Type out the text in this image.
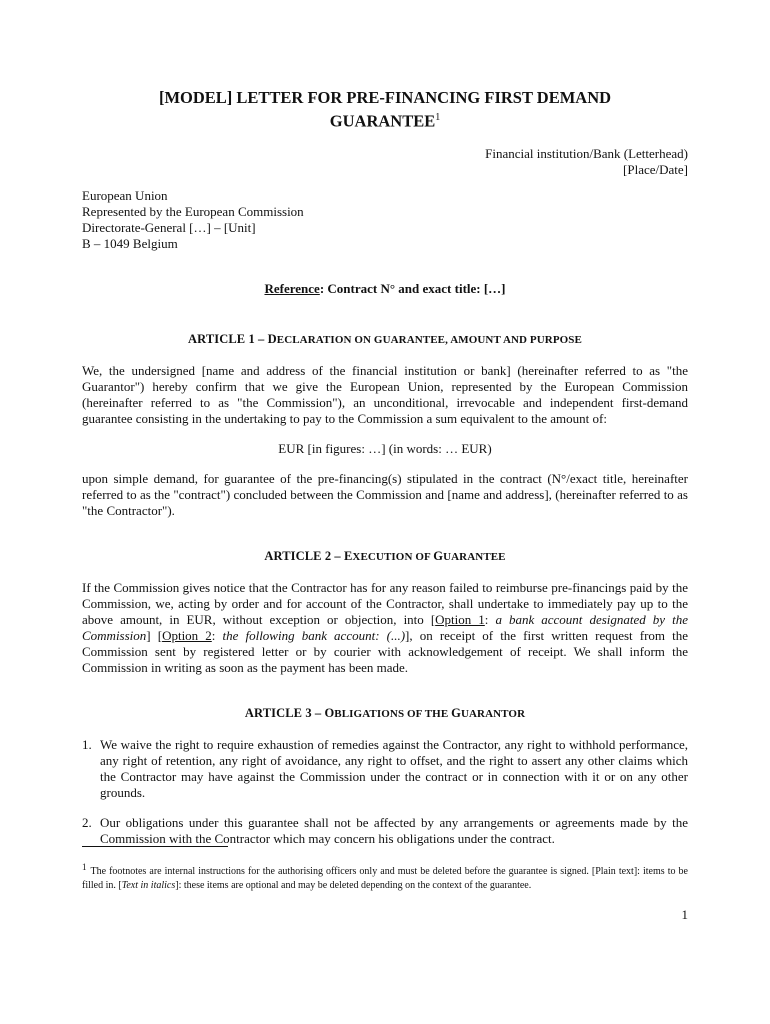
[MODEL] LETTER FOR PRE-FINANCING FIRST DEMAND
GUARANTEE$^1$
Financial institution/Bank (Letterhead)
[Place/Date]
European Union
Represented by the European Commission
Directorate-General […] – [Unit]
B – 1049 Belgium
Reference: Contract N° and exact title: […]
ARTICLE 1 – DECLARATION ON GUARANTEE, AMOUNT AND PURPOSE

We, the undersigned [name and address of the financial institution or bank] (hereinafter referred to as "the Guarantor") hereby confirm that we give the European Union, represented by the European Commission (hereinafter referred to as "the Commission"), an unconditional, irrevocable and independent first-demand guarantee consisting in the undertaking to pay to the Commission a sum equivalent to the amount of:

EUR [in figures: …] (in words: … EUR)

upon simple demand, for guarantee of the pre-financing(s) stipulated in the contract (N°/exact title, hereinafter referred to as the "contract") concluded between the Commission and [name and address], (hereinafter referred to as "the Contractor").

ARTICLE 2 – EXECUTION OF GUARANTEE

If the Commission gives notice that the Contractor has for any reason failed to reimburse pre-financings paid by the Commission, we, acting by order and for account of the Contractor, shall undertake to immediately pay up to the above amount, in EUR, without exception or objection, into [Option 1: a bank account designated by the Commission] [Option 2: the following bank account: (...)], on receipt of the first written request from the Commission sent by registered letter or by courier with acknowledgement of receipt. We shall inform the Commission in writing as soon as the payment has been made.

ARTICLE 3 – OBLIGATIONS OF THE GUARANTOR
1. We waive the right to require exhaustion of remedies against the Contractor, any right to withhold performance, any right of retention, any right of avoidance, any right to offset, and the right to assert any other claims which the Contractor may have against the Commission under the contract or in connection with it or on any other grounds.
2. Our obligations under this guarantee shall not be affected by any arrangements or agreements made by the Commission with the Contractor which may concern his obligations under the contract.
1 The footnotes are internal instructions for the authorising officers only and must be deleted before the guarantee is signed. [Plain text]: items to be filled in. [Text in italics]: these items are optional and may be deleted depending on the context of the guarantee.
1
